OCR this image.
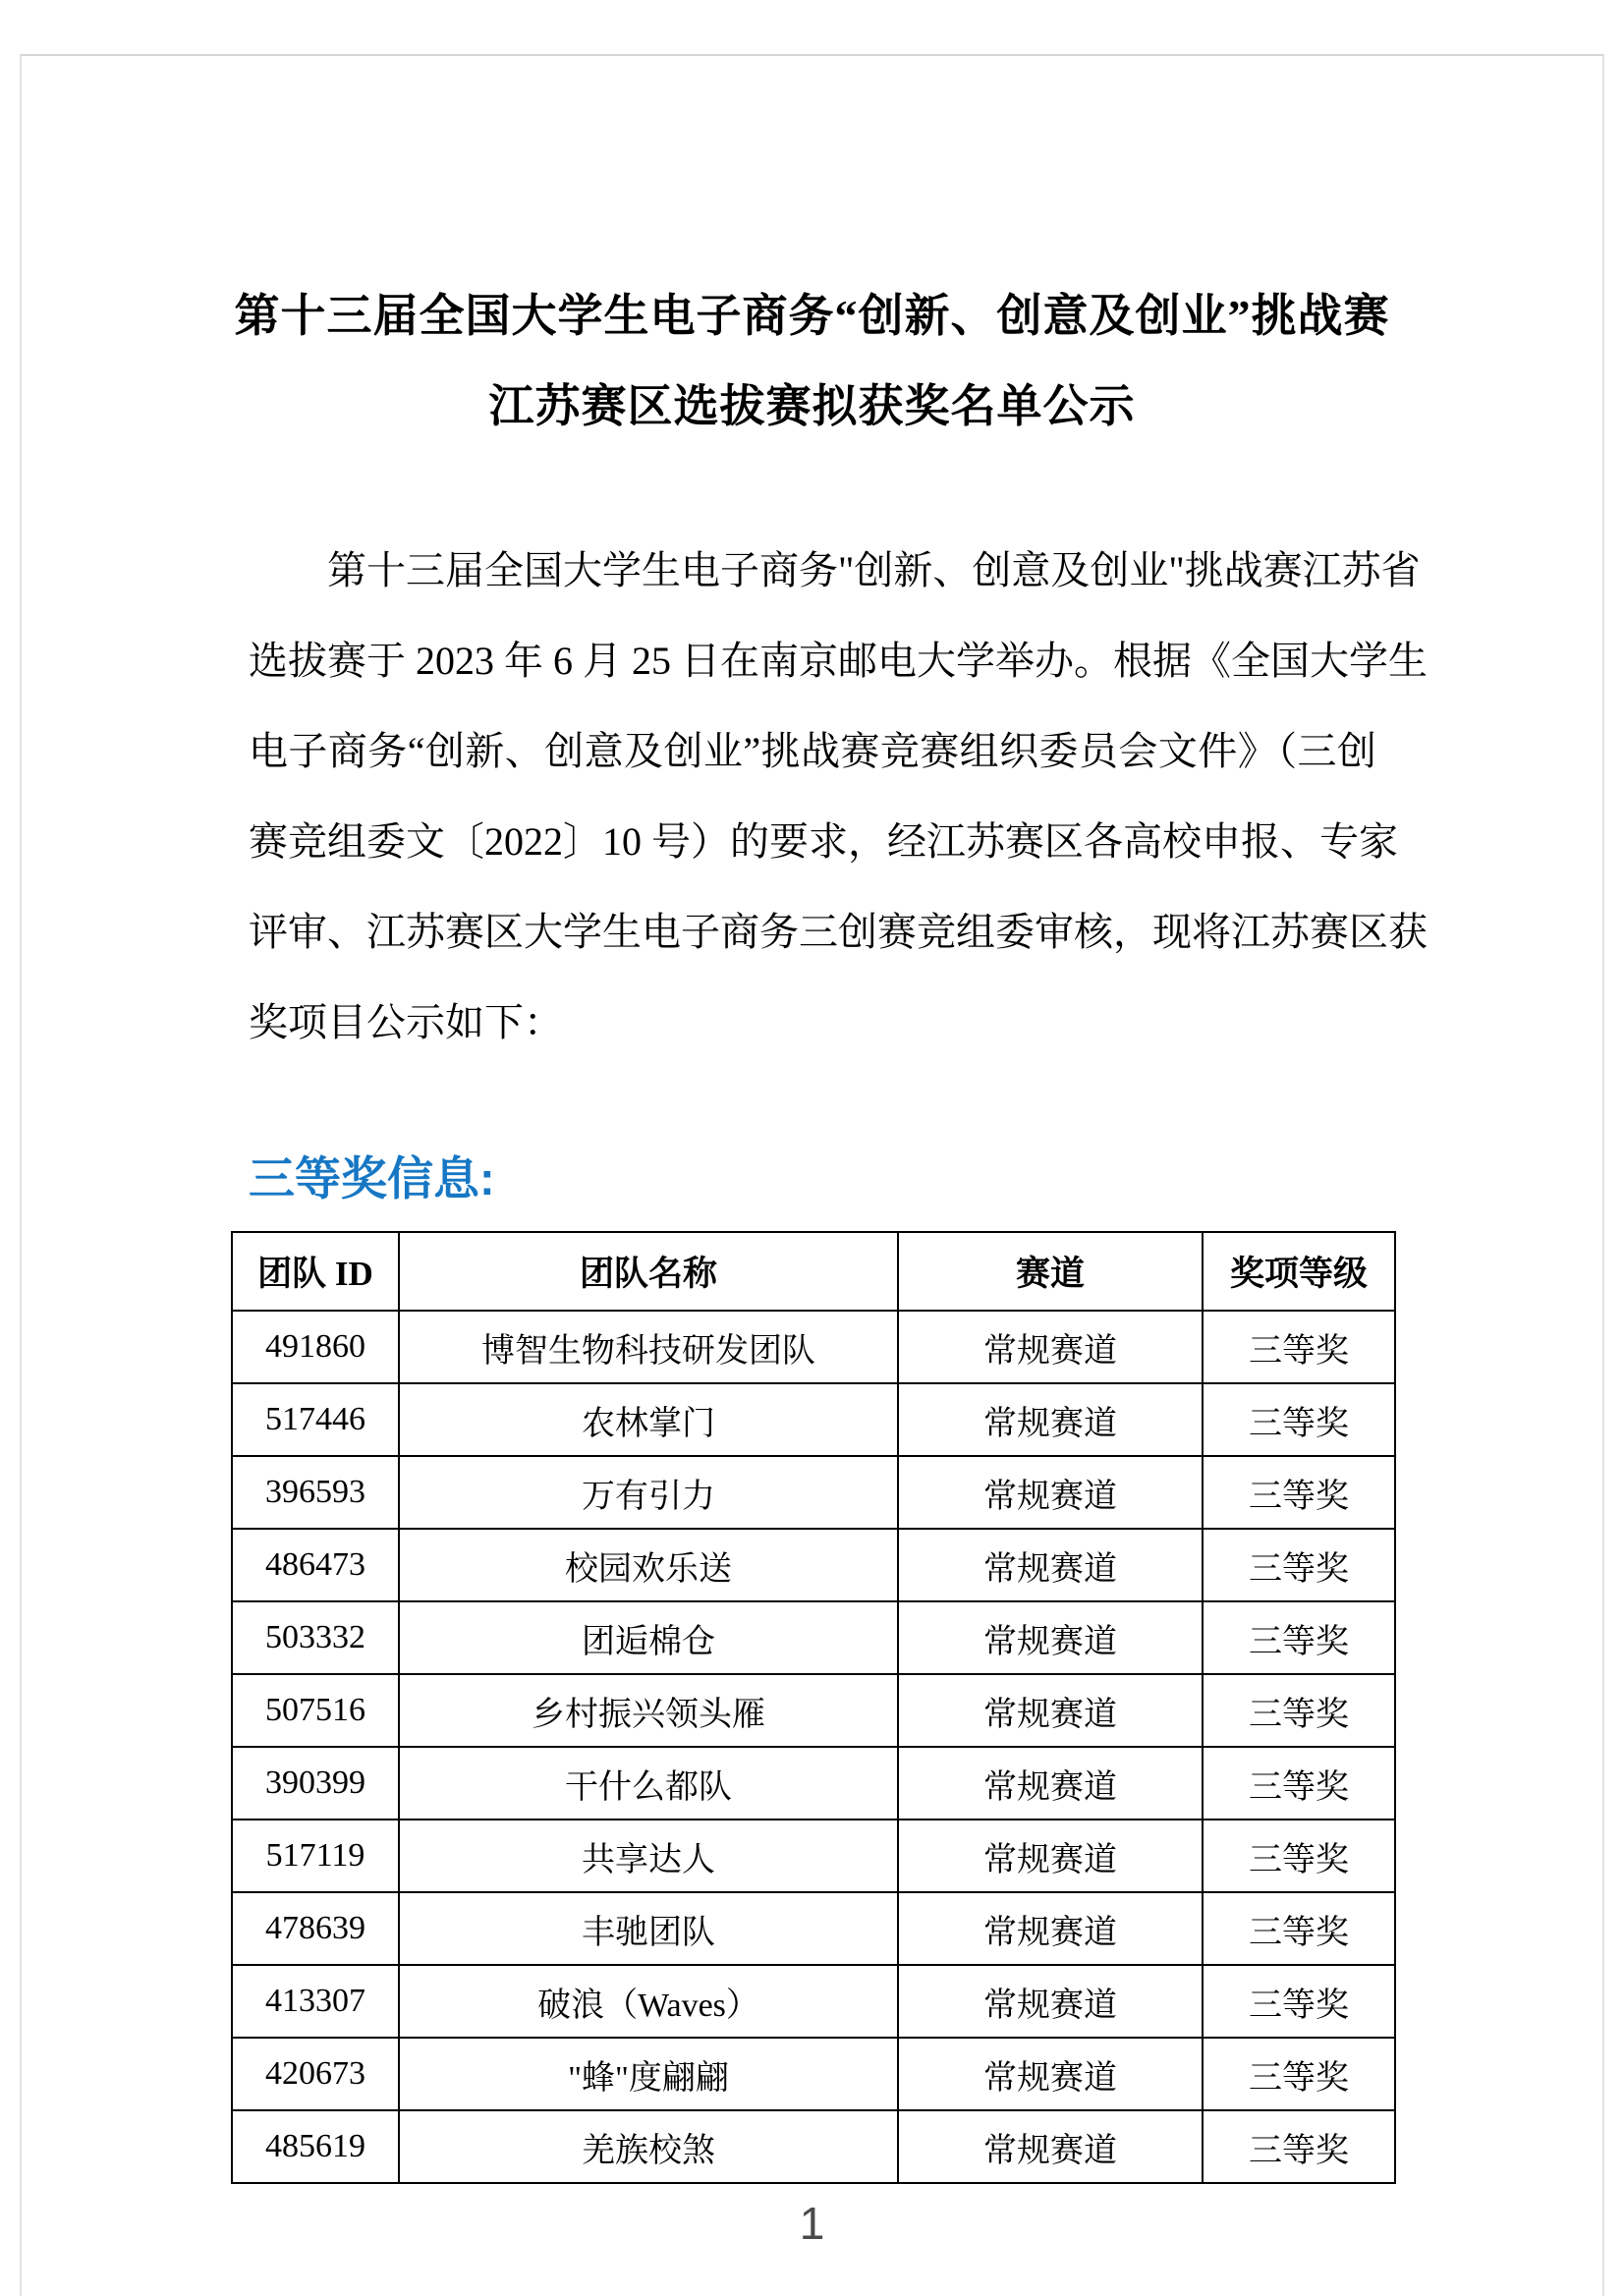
第十三届全国大学生电子商务“创新、创意及创业”挑战赛
江苏赛区选拔赛拟获奖名单公示
第十三届全国大学生电子商务"创新、创意及创业"挑战赛江苏省
选拔赛于 2023 年 6 月 25 日在南京邮电大学举办。根据《全国大学生
电子商务“创新、创意及创业”挑战赛竞赛组织委员会文件》（三创
赛竞组委文〔2022〕10 号）的要求，经江苏赛区各高校申报、专家
评审、江苏赛区大学生电子商务三创赛竞组委审核，现将江苏赛区获
奖项目公示如下：
三等奖信息:
团队 ID	团队名称	赛道	奖项等级
491860	博智生物科技研发团队	常规赛道	三等奖
517446	农林掌门	常规赛道	三等奖
396593	万有引力	常规赛道	三等奖
486473	校园欢乐送	常规赛道	三等奖
503332	团逅棉仓	常规赛道	三等奖
507516	乡村振兴领头雁	常规赛道	三等奖
390399	干什么都队	常规赛道	三等奖
517119	共享达人	常规赛道	三等奖
478639	丰驰团队	常规赛道	三等奖
413307	破浪（Waves）	常规赛道	三等奖
420673	"蜂"度翩翩	常规赛道	三等奖
485619	羌族校煞	常规赛道	三等奖
1
